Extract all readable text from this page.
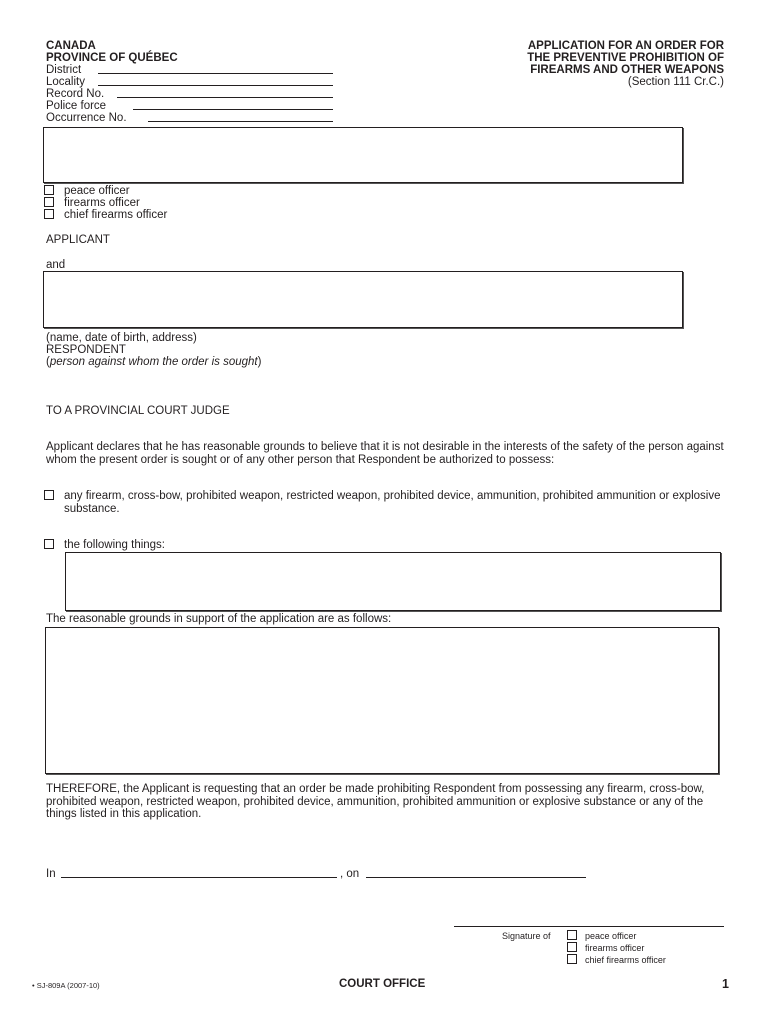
CANADA
PROVINCE OF QUÉBEC
District
Locality
Record No.
Police force
Occurrence No.
APPLICATION FOR AN ORDER FOR
THE PREVENTIVE PROHIBITION OF
FIREARMS AND OTHER WEAPONS
(Section 111 Cr.C.)
peace officer
firearms officer
chief firearms officer
APPLICANT
and
(name, date of birth, address)
RESPONDENT
(person against whom the order is sought)
TO A PROVINCIAL COURT JUDGE
Applicant declares that he has reasonable grounds to believe that it is not desirable in the interests of the safety of the person against whom the present order is sought or of any other person that Respondent be authorized to possess:
any firearm, cross-bow, prohibited weapon, restricted weapon, prohibited device, ammunition, prohibited ammunition or explosive substance.
the following things:
The reasonable grounds in support of the application are as follows:
THEREFORE, the Applicant is requesting that an order be made prohibiting Respondent from possessing any firearm, cross-bow, prohibited weapon, restricted weapon, prohibited device, ammunition, prohibited ammunition or explosive substance or any of the things listed in this application.
In	, on
Signature of	peace officer
firearms officer
chief firearms officer
• SJ-809A (2007-10)	COURT OFFICE	1
